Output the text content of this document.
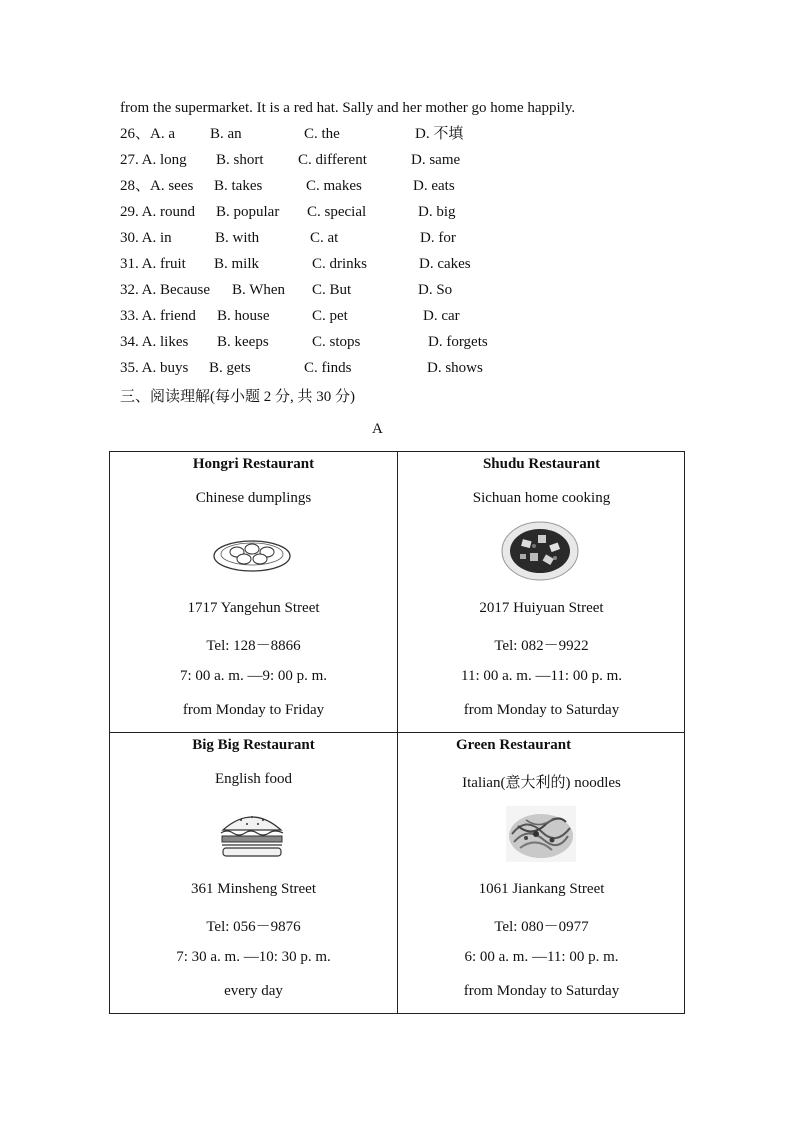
from the supermarket. It is a red hat. Sally and her mother go home happily.
26、A. a B. an	C. the	D. 不填
27. A. long B. short C. different	D. same
28、A. sees B. takes	C. makes	D. eats
29. A. round B. popular C. special	D. big
30. A. in	B. with	C. at	D. for
31. A. fruit B. milk	C. drinks	D. cakes
32. A. Because B. When C. But	D. So
33. A. friend B. house	C. pet	D. car
34. A. likes B. keeps	C. stops	D. forgets
35. A. buys B. gets	C. finds	D. shows
三、阅读理解(每小题 2 分, 共 30 分)
A
Hongri Restaurant
Chinese dumplings
1717 Yangehun Street
Tel: 128－8866
7: 00 a. m. —9: 00 p. m.
from Monday to Friday
Shudu Restaurant
Sichuan home cooking
2017 Huiyuan Street
Tel: 082－9922
11: 00 a. m. —11: 00 p. m.
from Monday to Saturday
Big Big Restaurant
English food
361 Minsheng Street
Tel: 056－9876
7: 30 a. m. —10: 30 p. m.
every day
Green Restaurant
Italian(意大利的) noodles
1061 Jiankang Street
Tel: 080－0977
6: 00 a. m. —11: 00 p. m.
from Monday to Saturday
